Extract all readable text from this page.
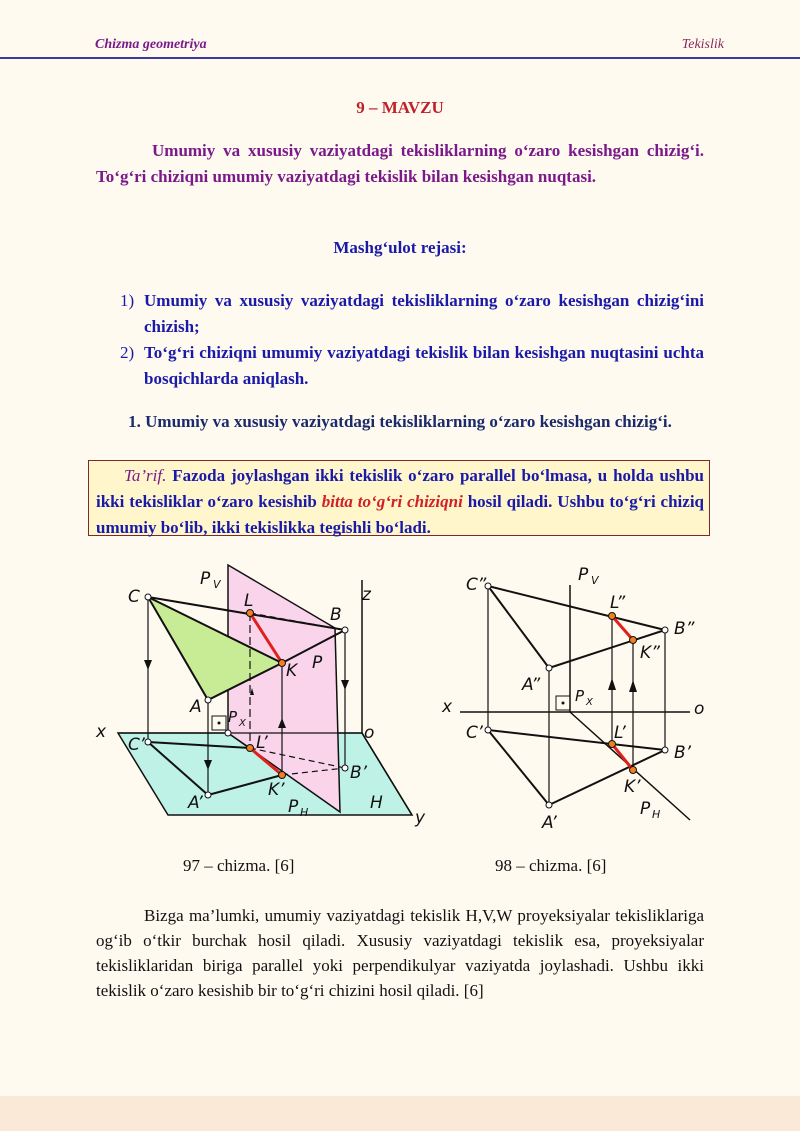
Chizma geometriya	Tekislik
9 – MAVZU
Umumiy va xususiy vaziyatdagi tekisliklarning o‘zaro kesishgan chizig‘i. To‘g‘ri chiziqni umumiy vaziyatdagi tekislik bilan kesishgan nuqtasi.
Mashg‘ulot rejasi:
1) Umumiy va xususiy vaziyatdagi tekisliklarning o‘zaro kesishgan chizig‘ini chizish;
2) To‘g‘ri chiziqni umumiy vaziyatdagi tekislik bilan kesishgan nuqtasini uchta bosqichlarda aniqlash.
1. Umumiy va xususiy vaziyatdagi tekisliklarning o‘zaro kesishgan chizig‘i.
Ta’rif. Fazoda joylashgan ikki tekislik o‘zaro parallel bo‘lmasa, u holda ushbu ikki tekisliklar o‘zaro kesishib bitta to‘g‘ri chiziqni hosil qiladi. Ushbu to‘g‘ri chiziq umumiy bo‘lib, ikki tekislikka tegishli bo‘ladi.
C
P V
L
B
z
K P
A P X
x	o
C’	L’
B’
K’
P H
A’	H
y
C”	P V
L”
B”
K”
A”
P X
x	o
C’	L’
B’
K’
P H
A’
97 – chizma. [6]	98 – chizma. [6]
Bizga ma’lumki, umumiy vaziyatdagi tekislik H,V,W proyeksiyalar tekisliklariga og‘ib o‘tkir burchak hosil qiladi. Xususiy vaziyatdagi tekislik esa, proyeksiyalar tekisliklaridan biriga parallel yoki perpendikulyar vaziyatda joylashadi. Ushbu ikki tekislik o‘zaro kesishib bir to‘g‘ri chizini hosil qiladi. [6]
